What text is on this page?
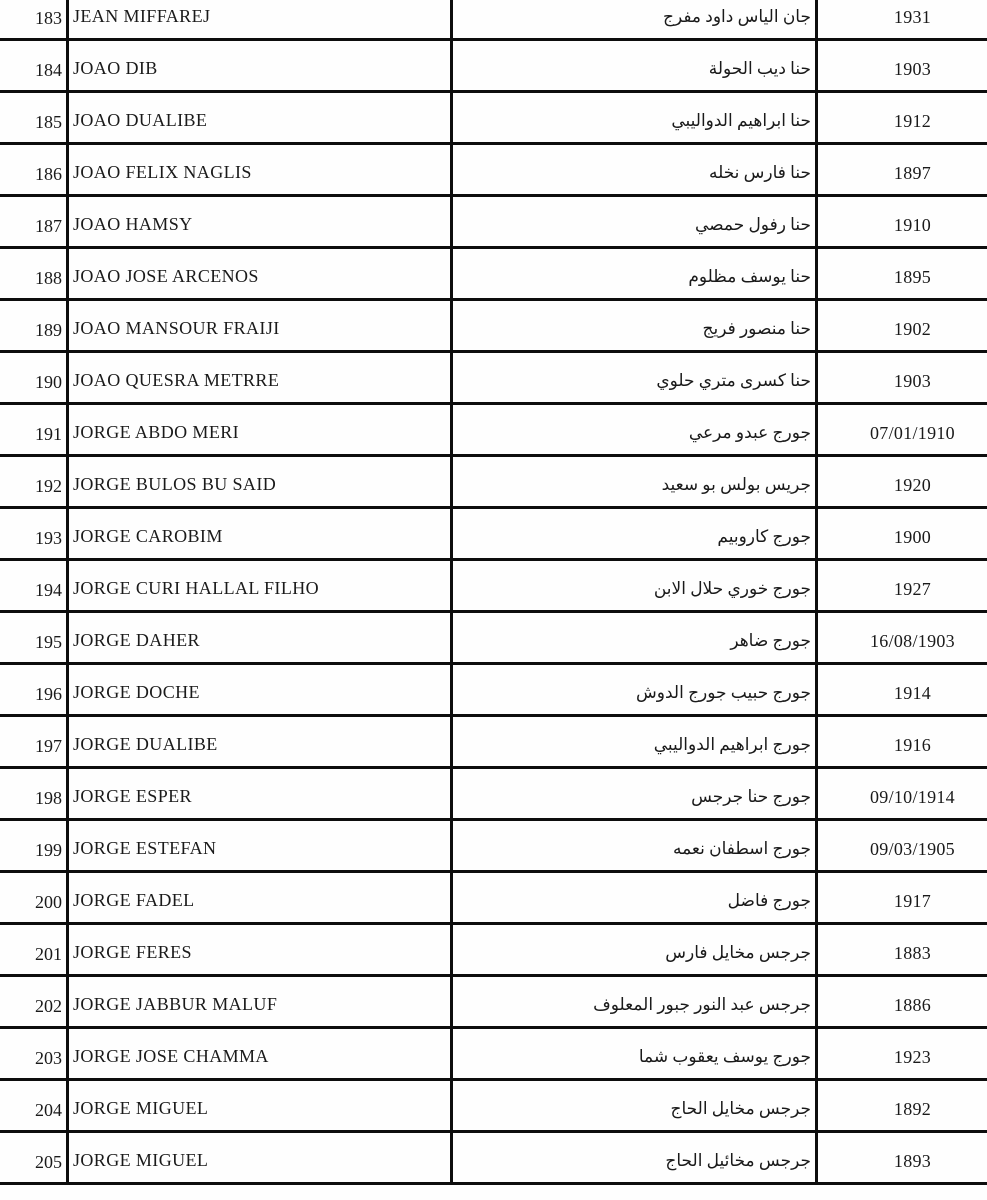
183 JEAN MIFFAREJ	جان الياس داود مفرج	1931
184 JOAO DIB	حنا ديب الحولة	1903
185 JOAO DUALIBE	حنا ابراهيم الدواليبي	1912
186 JOAO FELIX NAGLIS	حنا فارس نخله	1897
187 JOAO HAMSY	حنا رفول حمصي	1910
188 JOAO JOSE ARCENOS	حنا يوسف مظلوم	1895
189 JOAO MANSOUR FRAIJI	حنا منصور فريج	1902
190 JOAO QUESRA METRRE	حنا كسرى متري حلوي	1903
191 JORGE ABDO MERI	جورج عبدو مرعي	07/01/1910
192 JORGE BULOS BU SAID	جريس بولس بو سعيد	1920
193 JORGE CAROBIM	جورج كاروبيم	1900
194 JORGE CURI HALLAL FILHO	جورج خوري حلال الابن	1927
195 JORGE DAHER	جورج ضاهر	16/08/1903
196 JORGE DOCHE	جورج حبيب جورج الدوش	1914
197 JORGE DUALIBE	جورج ابراهيم الدواليبي	1916
198 JORGE ESPER	جورج حنا جرجس	09/10/1914
199 JORGE ESTEFAN	جورج اسطفان نعمه	09/03/1905
200 JORGE FADEL	جورج فاضل	1917
201 JORGE FERES	جرجس مخايل فارس	1883
202 JORGE JABBUR MALUF	جرجس عبد النور جبور المعلوف	1886
203 JORGE JOSE CHAMMA	جورج يوسف يعقوب شما	1923
204 JORGE MIGUEL	جرجس مخايل الحاج	1892
205 JORGE MIGUEL	جرجس مخائيل الحاج	1893
